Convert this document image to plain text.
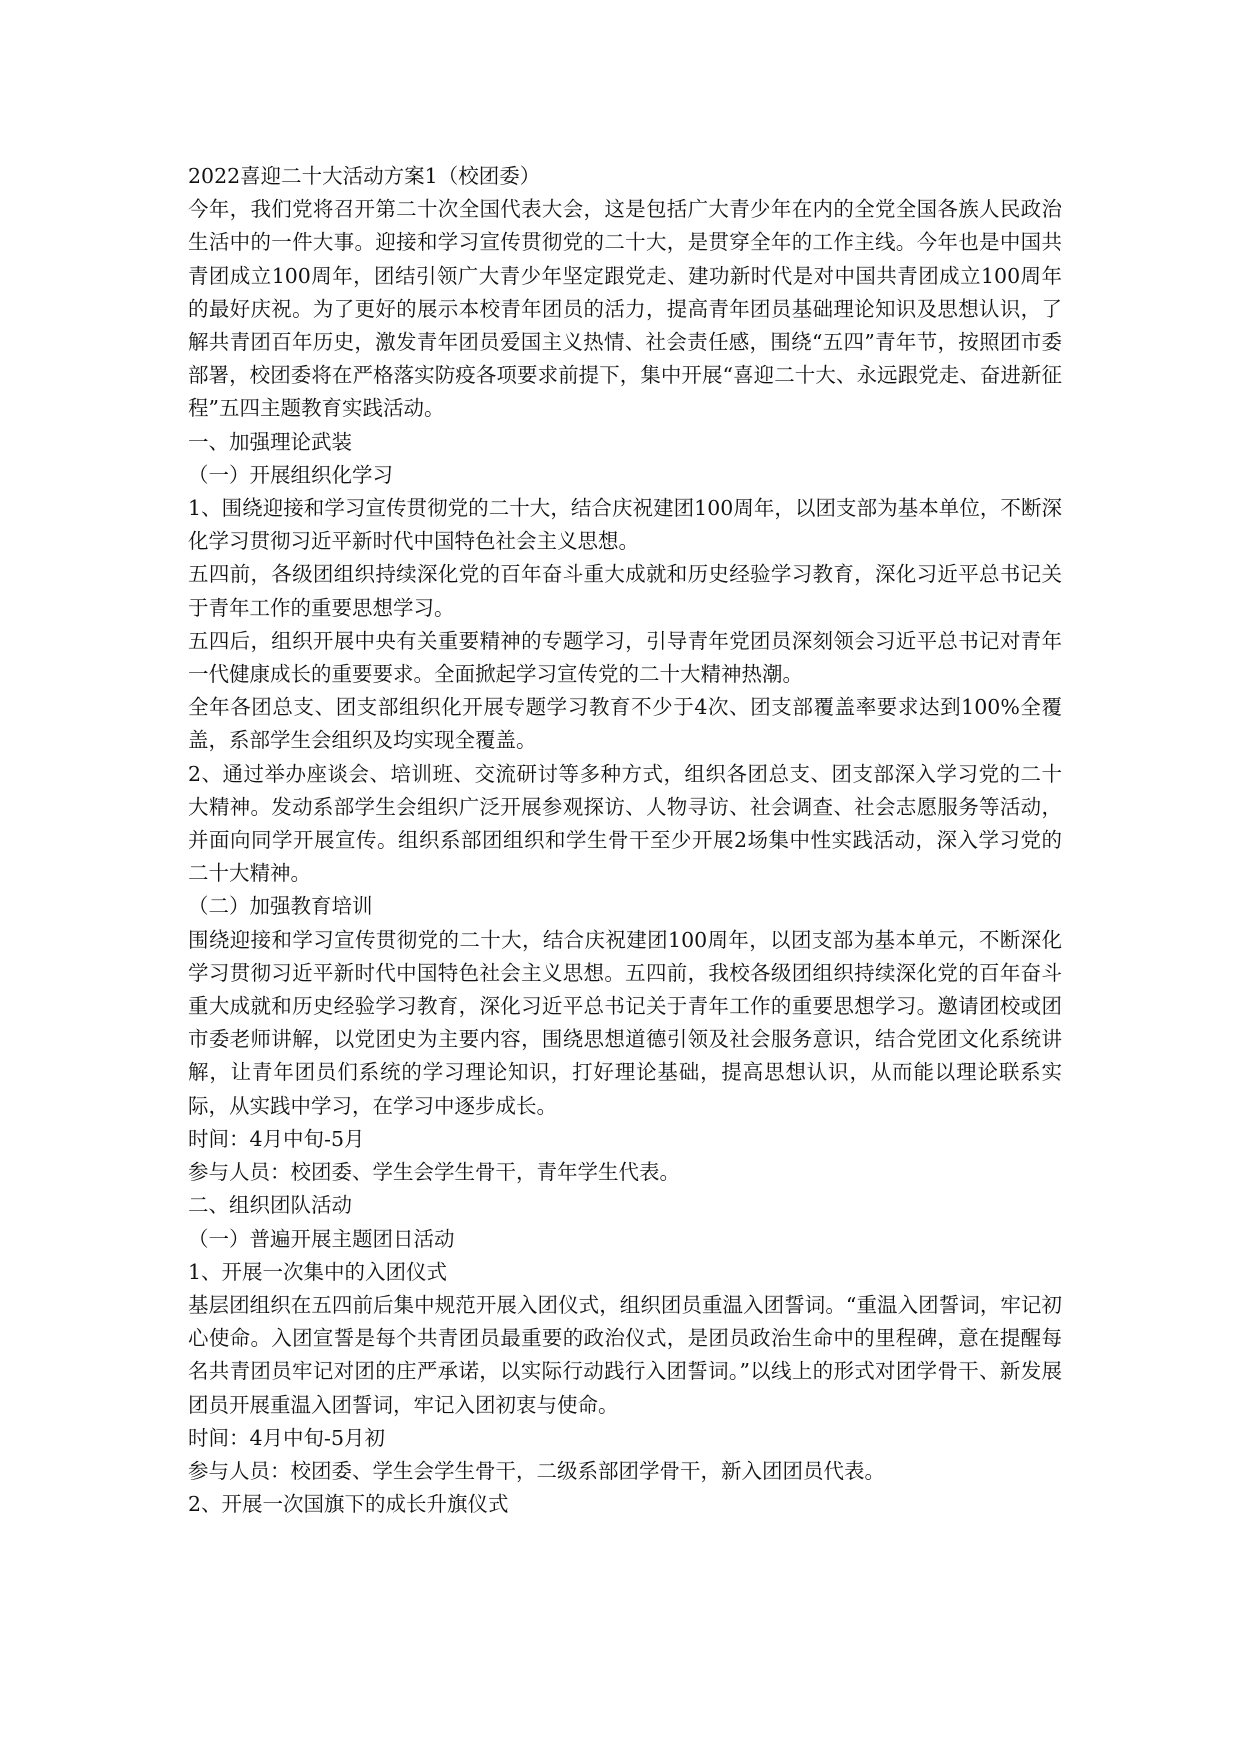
2022喜迎二十大活动方案1（校团委）

今年，我们党将召开第二十次全国代表大会，这是包括广大青少年在内的全党全国各族人民政治生活中的一件大事。迎接和学习宣传贯彻党的二十大，是贯穿全年的工作主线。今年也是中国共青团成立100周年，团结引领广大青少年坚定跟党走、建功新时代是对中国共青团成立100周年的最好庆祝。为了更好的展示本校青年团员的活力，提高青年团员基础理论知识及思想认识，了解共青团百年历史，激发青年团员爱国主义热情、社会责任感，围绕“五四”青年节，按照团市委部署，校团委将在严格落实防疫各项要求前提下，集中开展“喜迎二十大、永远跟党走、奋进新征程”五四主题教育实践活动。

一、加强理论武装

（一）开展组织化学习

1、围绕迎接和学习宣传贯彻党的二十大，结合庆祝建团100周年，以团支部为基本单位，不断深化学习贯彻习近平新时代中国特色社会主义思想。

五四前，各级团组织持续深化党的百年奋斗重大成就和历史经验学习教育，深化习近平总书记关于青年工作的重要思想学习。

五四后，组织开展中央有关重要精神的专题学习，引导青年党团员深刻领会习近平总书记对青年一代健康成长的重要要求。全面掀起学习宣传党的二十大精神热潮。

全年各团总支、团支部组织化开展专题学习教育不少于4次、团支部覆盖率要求达到100%全覆盖，系部学生会组织及均实现全覆盖。

2、通过举办座谈会、培训班、交流研讨等多种方式，组织各团总支、团支部深入学习党的二十大精神。发动系部学生会组织广泛开展参观探访、人物寻访、社会调查、社会志愿服务等活动，并面向同学开展宣传。组织系部团组织和学生骨干至少开展2场集中性实践活动，深入学习党的二十大精神。

（二）加强教育培训

围绕迎接和学习宣传贯彻党的二十大，结合庆祝建团100周年，以团支部为基本单元，不断深化学习贯彻习近平新时代中国特色社会主义思想。五四前，我校各级团组织持续深化党的百年奋斗重大成就和历史经验学习教育，深化习近平总书记关于青年工作的重要思想学习。邀请团校或团市委老师讲解，以党团史为主要内容，围绕思想道德引领及社会服务意识，结合党团文化系统讲解，让青年团员们系统的学习理论知识，打好理论基础，提高思想认识，从而能以理论联系实际，从实践中学习，在学习中逐步成长。

时间：4月中旬-5月

参与人员：校团委、学生会学生骨干，青年学生代表。

二、组织团队活动

（一）普遍开展主题团日活动

1、开展一次集中的入团仪式

基层团组织在五四前后集中规范开展入团仪式，组织团员重温入团誓词。“重温入团誓词，牢记初心使命。入团宣誓是每个共青团员最重要的政治仪式，是团员政治生命中的里程碑，意在提醒每名共青团员牢记对团的庄严承诺，以实际行动践行入团誓词。”以线上的形式对团学骨干、新发展团员开展重温入团誓词，牢记入团初衷与使命。

时间：4月中旬-5月初

参与人员：校团委、学生会学生骨干，二级系部团学骨干，新入团团员代表。

2、开展一次国旗下的成长升旗仪式
